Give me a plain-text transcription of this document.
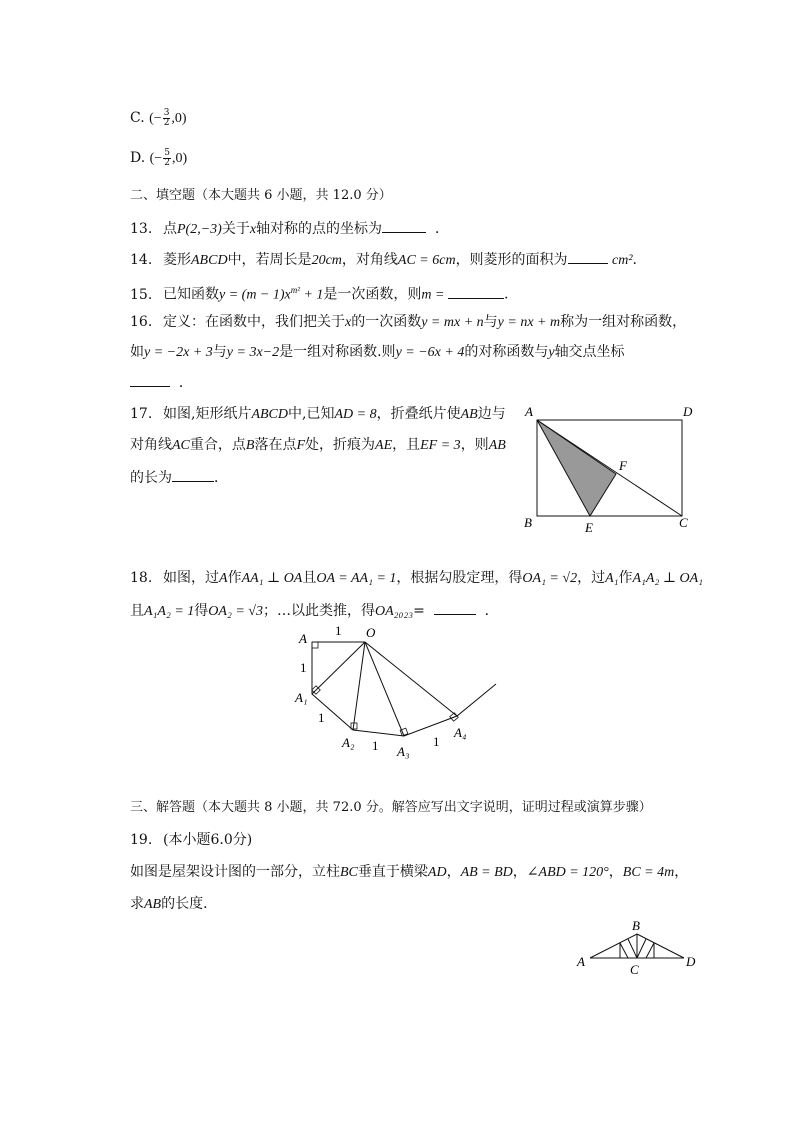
C. (− $\frac{3}{2} ,0$)
D. (− $\frac{5}{2} ,0$)
二、填空题（本大题共 6 小题，共 12.0 分）
13. 点P(2,−3)关于x轴对称的点的坐标为	．
14. 菱形ABCD中，若周长是20cm，对角线AC = 6cm，则菱形的面积为	cm².
15. 已知函数$y = (m - 1)x^{m^2} + 1$是一次函数，则m =	.
16. 定义：在函数中，我们把关于x的一次函数y = mx + n与y = nx + m称为一组对称函数，
如y = −2x + 3与y = 3x−2是一组对称函数.则y = −6x + 4的对称函数与y轴交点坐标
．
17. 如图,矩形纸片ABCD中,已知AD = 8，折叠纸片使AB边与
对角线AC重合，点B落在点F处，折痕为AE，且EF = 3，则AB
的长为	．
A	D
B	C
E
F
18. 如图，过A作AA₁ ⊥ OA且OA = AA₁ = 1，根据勾股定理，得OA₁ = √2，过A₁作A₁A₂ ⊥ OA₁
且A₁A₂ = 1得OA₂ = √3；…以此类推，得OA₂₀₂₃=	．
A	O
A₁
A₂
A₃
A₄
1
1
1
1	1
三、解答题（本大题共 8 小题，共 72.0 分。解答应写出文字说明，证明过程或演算步骤）
19. (本小题6.0分)
如图是屋架设计图的一部分，立柱BC垂直于横梁AD，AB = BD，∠ABD = 120°，BC = 4m，
求AB的长度．
A
B
C
D
